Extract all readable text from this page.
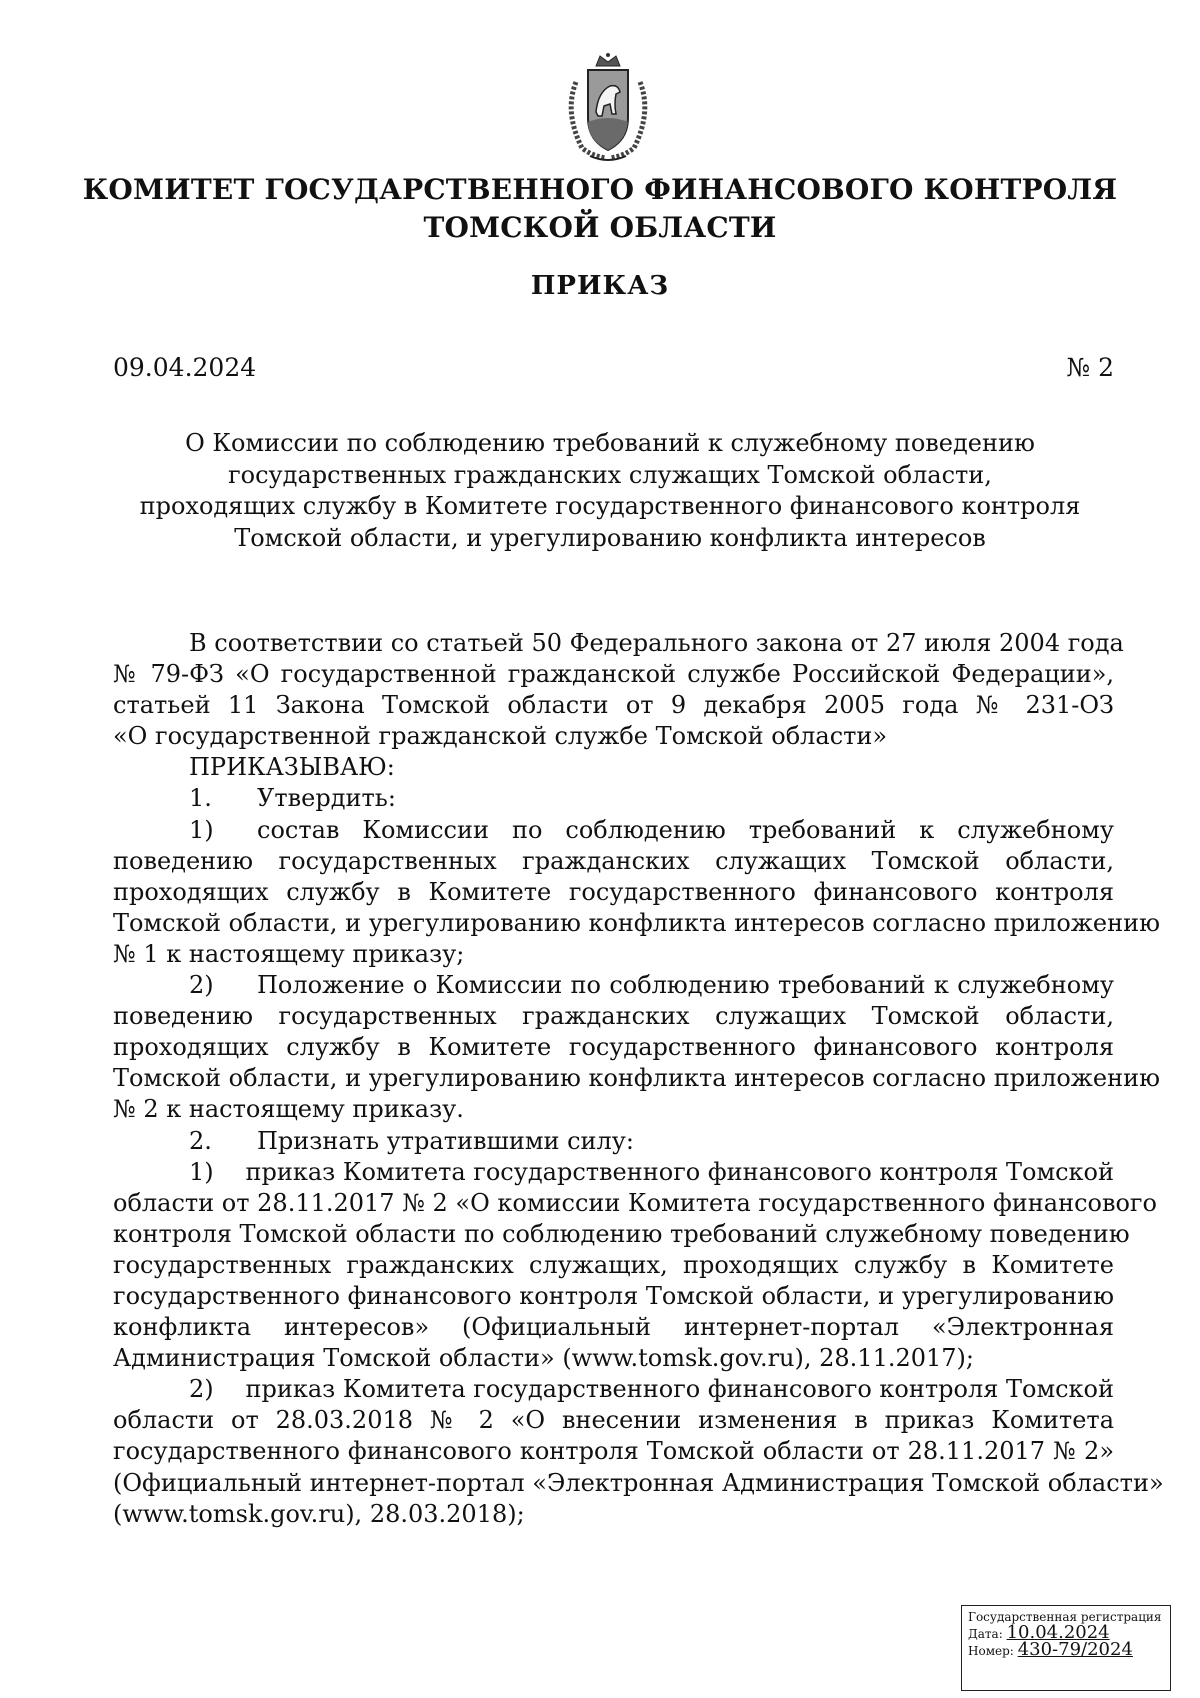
КОМИТЕТ ГОСУДАРСТВЕННОГО ФИНАНСОВОГО КОНТРОЛЯ
ТОМСКОЙ ОБЛАСТИ
ПРИКАЗ
09.04.2024	№ 2
О Комиссии по соблюдению требований к служебному поведению
государственных гражданских служащих Томской области,
проходящих службу в Комитете государственного финансового контроля
Томской области, и урегулированию конфликта интересов
В соответствии со статьей 50 Федерального закона от 27 июля 2004 года
№ 79-ФЗ «О государственной гражданской службе Российской Федерации»,
статьей 11 Закона Томской области от 9 декабря 2005 года № 231-ОЗ
«О государственной гражданской службе Томской области»
ПРИКАЗЫВАЮ:
1. Утвердить:
1)	состав Комиссии по соблюдению требований к служебному
поведению государственных гражданских служащих Томской области,
проходящих службу в Комитете государственного финансового контроля
Томской области, и урегулированию конфликта интересов согласно приложению
№ 1 к настоящему приказу;
2)	Положение о Комиссии по соблюдению требований к служебному
поведению государственных гражданских служащих Томской области,
проходящих службу в Комитете государственного финансового контроля
Томской области, и урегулированию конфликта интересов согласно приложению
№ 2 к настоящему приказу.
2. Признать утратившими силу:
1)	приказ Комитета государственного финансового контроля Томской
области от 28.11.2017 № 2 «О комиссии Комитета государственного финансового
контроля Томской области по соблюдению требований служебному поведению
государственных гражданских служащих, проходящих службу в Комитете
государственного финансового контроля Томской области, и урегулированию
конфликта интересов» (Официальный интернет-портал «Электронная
Администрация Томской области» (www.tomsk.gov.ru), 28.11.2017);
2)	приказ Комитета государственного финансового контроля Томской
области от 28.03.2018 № 2 «О внесении изменения в приказ Комитета
государственного финансового контроля Томской области от 28.11.2017 № 2»
(Официальный интернет-портал «Электронная Администрация Томской области»
(www.tomsk.gov.ru), 28.03.2018);
Государственная регистрация
Дата: 10.04.2024
Номер: 430-79/2024
